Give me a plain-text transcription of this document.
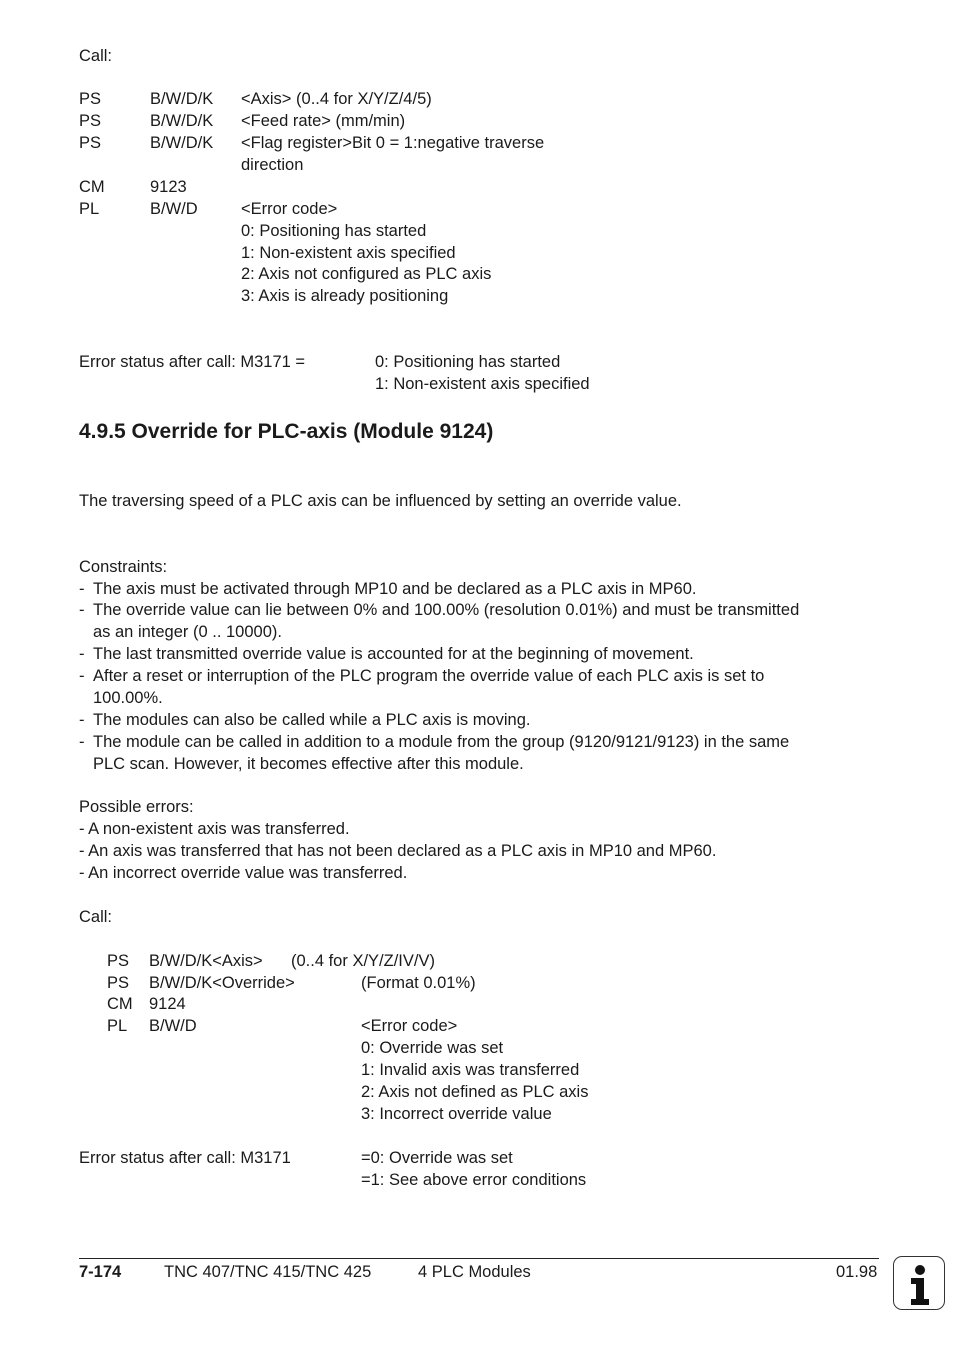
Call:
PS	B/W/D/K <Axis> (0..4 for X/Y/Z/4/5)
PS	B/W/D/K <Feed rate> (mm/min)
PS	B/W/D/K <Flag register>Bit 0 = 1:negative traverse
direction
CM	9123
PL	B/W/D	<Error code>
0: Positioning has started
1: Non-existent axis specified
2: Axis not configured as PLC axis
3: Axis is already positioning
Error status after call: M3171 =	0: Positioning has started
1: Non-existent axis specified
4.9.5 Override for PLC-axis (Module 9124)
The traversing speed of a PLC axis can be influenced by setting an override value.
Constraints:
- The axis must be activated through MP10 and be declared as a PLC axis in MP60.
- The override value can lie between 0% and 100.00% (resolution 0.01%) and must be transmitted
as an integer (0 .. 10000).
- The last transmitted override value is accounted for at the beginning of movement.
- After a reset or interruption of the PLC program the override value of each PLC axis is set to
100.00%.
- The modules can also be called while a PLC axis is moving.
- The module can be called in addition to a module from the group (9120/9121/9123) in the same
PLC scan. However, it becomes effective after this module.
Possible errors:
- A non-existent axis was transferred.
- An axis was transferred that has not been declared as a PLC axis in MP10 and MP60.
- An incorrect override value was transferred.
Call:
PS B/W/D/K<Axis> (0..4 for X/Y/Z/IV/V)
PS B/W/D/K<Override>	(Format 0.01%)
CM 9124
PL B/W/D	<Error code>
0: Override was set
1: Invalid axis was transferred
2: Axis not defined as PLC axis
3: Incorrect override value
Error status after call: M3171	=0: Override was set
=1: See above error conditions
7-174	TNC 407/TNC 415/TNC 425	4 PLC Modules	01.98
